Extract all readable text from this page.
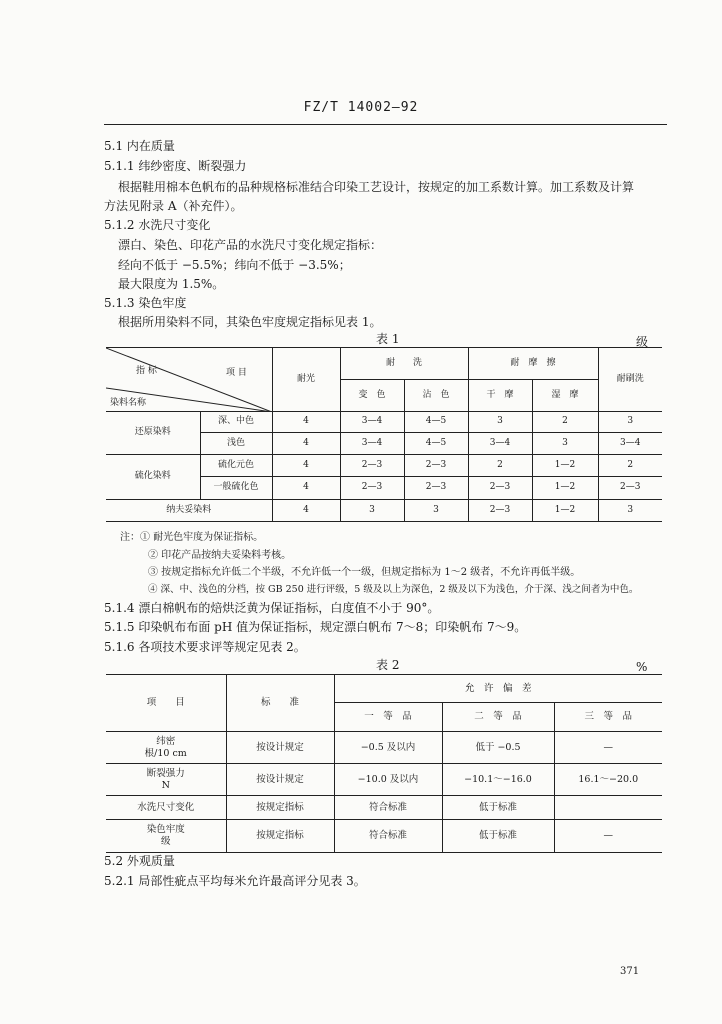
FZ/T 14002—92
5.1 内在质量
5.1.1 纬纱密度、断裂强力
根据鞋用棉本色帆布的品种规格标准结合印染工艺设计，按规定的加工系数计算。加工系数及计算
方法见附录 A（补充件）。
5.1.2 水洗尺寸变化
漂白、染色、印花产品的水洗尺寸变化规定指标：
经向不低于 −5.5%；纬向不低于 −3.5%；
最大限度为 1.5%。
5.1.3 染色牢度
根据所用染料不同，其染色牢度规定指标见表 1。
表 1	级
指 标 项 目
染料名称		耐光	耐　　洗		耐　摩　擦		耐刷洗
			变　色	沾　色	干　摩	湿　摩	
还原染料	深、中色	4	3—4	4—5	3	2	3
	浅色	4	3—4	4—5	3—4	3	3—4
硫化染料	硫化元色	4	2—3	2—3	2	1—2	2
	一般硫化色	4	2—3	2—3	2—3	1—2	2—3
纳夫妥染料		4	3	3	2—3	1—2	3
注：① 耐光色牢度为保证指标。
② 印花产品按纳夫妥染料考核。
③ 按规定指标允许低二个半级，不允许低一个一级，但规定指标为 1～2 级者，不允许再低半级。
④ 深、中、浅色的分档，按 GB 250 进行评级，5 级及以上为深色，2 级及以下为浅色，介于深、浅之间者为中色。
5.1.4 漂白棉帆布的焙烘泛黄为保证指标，白度值不小于 90°。
5.1.5 印染帆布布面 pH 值为保证指标，规定漂白帆布 7～8；印染帆布 7～9。
5.1.6 各项技术要求评等规定见表 2。
表 2	%
项　　目	标　　准	允　许　偏　差		
		一　等　品	二　等　品	三　等　品

纬密
根/10 cm	按设计规定	−0.5 及以内	低于 −0.5	—

断裂强力
N	按设计规定	−10.0 及以内	−10.1～−16.0	16.1～−20.0
水洗尺寸变化	按规定指标	符合标准	低于标准	

染色牢度
级	按规定指标	符合标准	低于标准	—
5.2 外观质量
5.2.1 局部性疵点平均每米允许最高评分见表 3。
371
